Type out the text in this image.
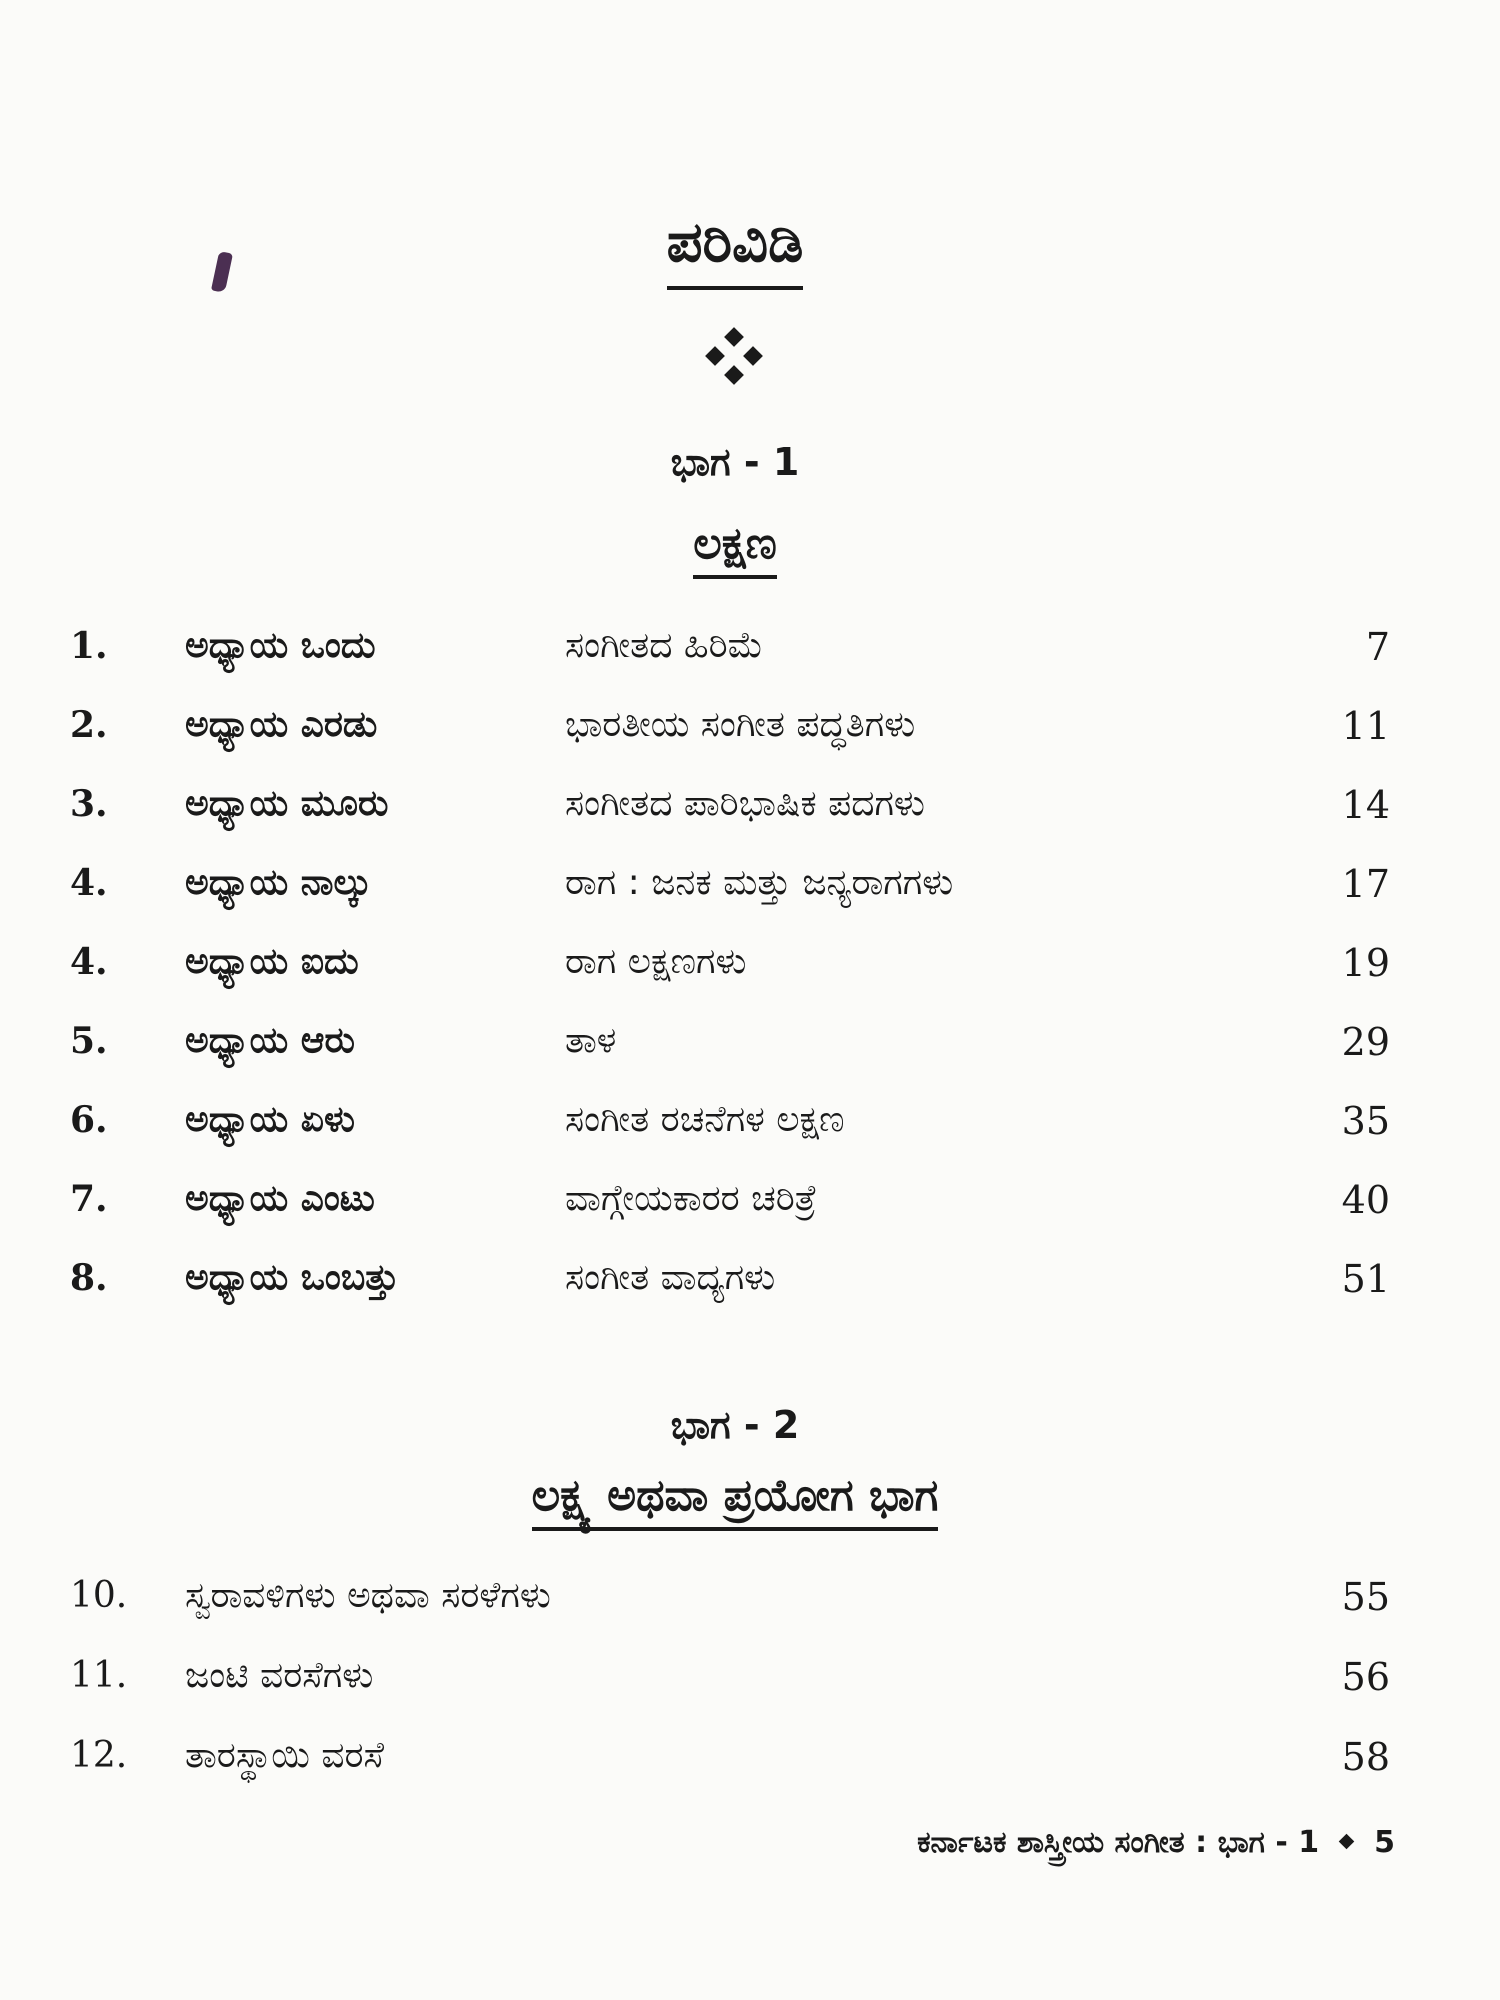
ಪರಿವಿಡಿ
ಭಾಗ - 1
ಲಕ್ಷಣ
1. ಅಧ್ಯಾಯ ಒಂದು	ಸಂಗೀತದ ಹಿರಿಮೆ	7
2. ಅಧ್ಯಾಯ ಎರಡು	ಭಾರತೀಯ ಸಂಗೀತ ಪದ್ಧತಿಗಳು	11
3. ಅಧ್ಯಾಯ ಮೂರು	ಸಂಗೀತದ ಪಾರಿಭಾಷಿಕ ಪದಗಳು	14
4. ಅಧ್ಯಾಯ ನಾಲ್ಕು	ರಾಗ : ಜನಕ ಮತ್ತು ಜನ್ಯರಾಗಗಳು	17
4. ಅಧ್ಯಾಯ ಐದು	ರಾಗ ಲಕ್ಷಣಗಳು	19
5. ಅಧ್ಯಾಯ ಆರು	ತಾಳ	29
6. ಅಧ್ಯಾಯ ಏಳು	ಸಂಗೀತ ರಚನೆಗಳ ಲಕ್ಷಣ	35
7. ಅಧ್ಯಾಯ ಎಂಟು	ವಾಗ್ಗೇಯಕಾರರ ಚರಿತ್ರೆ	40
8. ಅಧ್ಯಾಯ ಒಂಬತ್ತು	ಸಂಗೀತ ವಾದ್ಯಗಳು	51
ಭಾಗ - 2
ಲಕ್ಷ್ಯ ಅಥವಾ ಪ್ರಯೋಗ ಭಾಗ
10. ಸ್ವರಾವಳಿಗಳು ಅಥವಾ ಸರಳೆಗಳು	55
11. ಜಂಟಿ ವರಸೆಗಳು	56
12. ತಾರಸ್ಥಾಯಿ ವರಸೆ	58
ಕರ್ನಾಟಕ ಶಾಸ್ತ್ರೀಯ ಸಂಗೀತ : ಭಾಗ - 1 5
